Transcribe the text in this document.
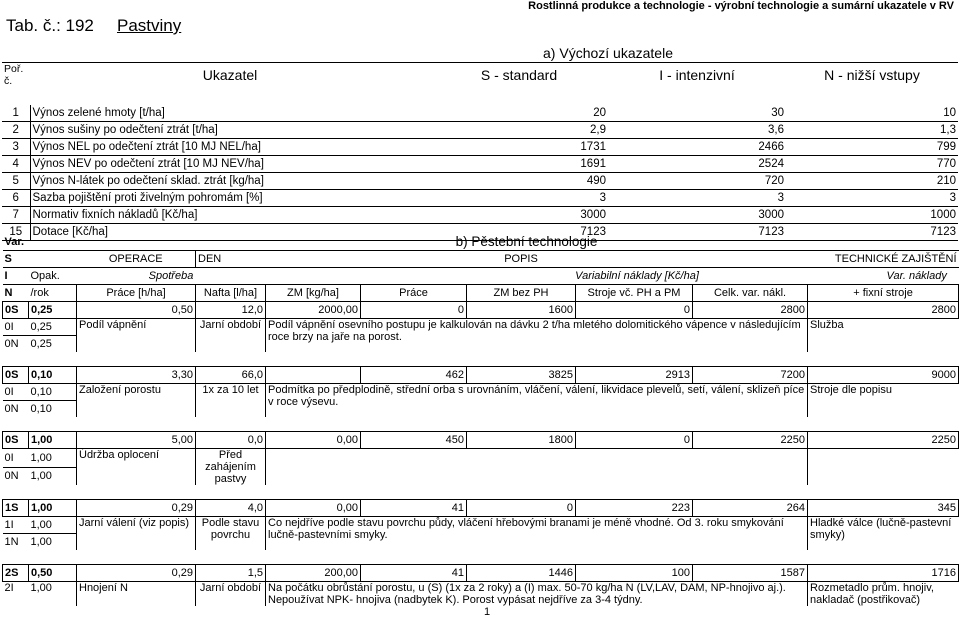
Tab. č.: 192 Pastviny
Rostlinná produkce a technologie - výrobní technologie a sumární ukazatele v RV
		a) Výchozí ukazatele		
Poř. č.	Ukazatel	S - standard	I - intenzivní	N - nižší vstupy

1	Výnos zelené hmoty [t/ha]	20	30	10
2	Výnos sušiny po odečtení ztrát [t/ha]	2,9	3,6	1,3
3	Výnos NEL po odečtení ztrát [10 MJ NEL/ha]	1731	2466	799
4	Výnos NEV po odečtení ztrát [10 MJ NEV/ha]	1691	2524	770
5	Výnos N-látek po odečtení sklad. ztrát [kg/ha]	490	720	210
6	Sazba pojištění proti živelným pohromám [%]	3	3	3
7	Normativ fixních nákladů [Kč/ha]	3000	3000	1000
15	Dotace [Kč/ha]	7123	7123	7123
Var.					b) Pěstební technologie					
S		OPERACE	DEN			POPIS			TECHNICKÉ ZAJIŠTĚNÍ	
I	Opak.	Spotřeba				Variabilní náklady [Kč/ha]				Var. náklady
N	/rok	Práce [h/ha]	Nafta [l/ha]	ZM [kg/ha]	Práce	ZM bez PH	Stroje vč. PH a PM	Celk. var. nákl.	+ fixní stroje	
0S	0,25	0,50	12,0	2000,00	0	1600	0	2800	2800	
0I	0,25	Podíl vápnění	Jarní období	Podíl vápnění osevního postupu je kalkulován na dávku 2 t/ha mletého dolomitického vápence v následujícím roce brzy na jaře na porost.					Služba	
0N	0,25									

0S	0,10	3,30	66,0		462	3825	2913	7200	9000	
0I	0,10	Založení porostu	1x za 10 let	Podmítka po předplodině, střední orba s urovnáním, vláčení, válení, likvidace plevelů, setí, válení, sklizeň píce v roce výsevu.					Stroje dle popisu	
0N	0,10									

0S	1,00	5,00	0,0	0,00	450	1800	0	2250	2250	
0I	1,00	Údržba oplocení	Před zahájením pastvy							
0N	1,00									

1S	1,00	0,29	4,0	0,00	41	0	223	264	345	
1I	1,00	Jarní válení (viz popis)	Podle stavu povrchu	Co nejdříve podle stavu povrchu půdy, vláčení hřebovými branami je méně vhodné. Od 3. roku smykování lučně-pastevními smyky.					Hladké válce (lučně-pastevní smyky)	
1N	1,00									

2S	0,50	0,29	1,5	200,00	41	1446	100	1587	1716	
2I	1,00	Hnojení N	Jarní období	Na počátku obrůstání porostu, u (S) (1x za 2 roky) a (I) max. 50-70 kg/ha N (LV,LAV, DAM, NP-hnojivo aj.). Nepoužívat NPK- hnojiva (nadbytek K). Porost vypásat nejdříve za 3-4 týdny.					Rozmetadlo prům. hnojiv, nakladač (postřikovač)	
1
